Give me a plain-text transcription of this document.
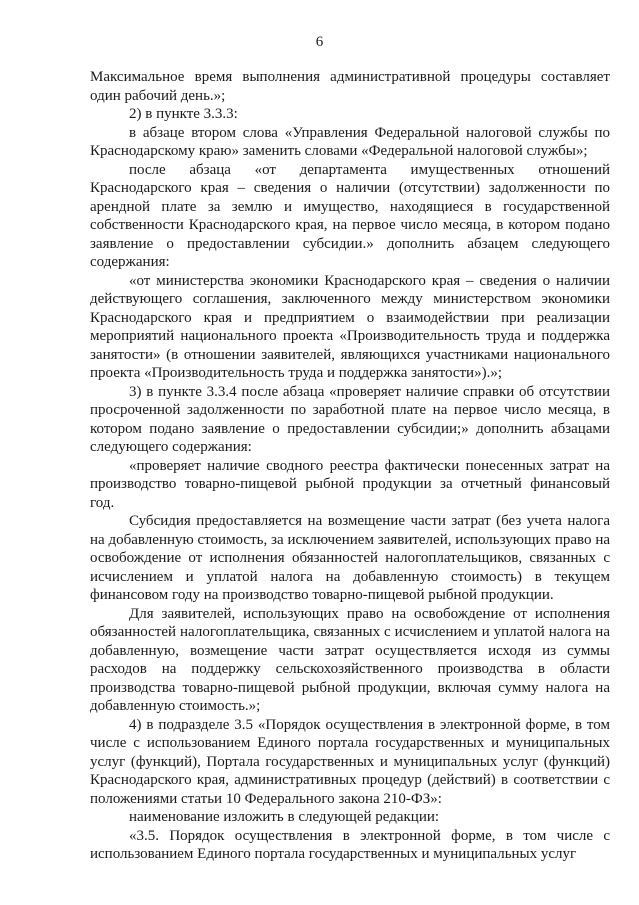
6

Максимальное время выполнения административной процедуры составляет один рабочий день.»;

2) в пункте 3.3.3:

в абзаце втором слова «Управления Федеральной налоговой службы по Краснодарскому краю» заменить словами «Федеральной налоговой службы»;

после абзаца «от департамента имущественных отношений Краснодарского края – сведения о наличии (отсутствии) задолженности по арендной плате за землю и имущество, находящиеся в государственной собственности Краснодарского края, на первое число месяца, в котором подано заявление о предоставлении субсидии.» дополнить абзацем следующего содержания:

«от министерства экономики Краснодарского края – сведения о наличии действующего соглашения, заключенного между министерством экономики Краснодарского края и предприятием о взаимодействии при реализации мероприятий национального проекта «Производительность труда и поддержка занятости» (в отношении заявителей, являющихся участниками национального проекта «Производительность труда и поддержка занятости»).»;

3) в пункте 3.3.4 после абзаца «проверяет наличие справки об отсутствии просроченной задолженности по заработной плате на первое число месяца, в котором подано заявление о предоставлении субсидии;» дополнить абзацами следующего содержания:

«проверяет наличие сводного реестра фактически понесенных затрат на производство товарно-пищевой рыбной продукции за отчетный финансовый год.

Субсидия предоставляется на возмещение части затрат (без учета налога на добавленную стоимость, за исключением заявителей, использующих право на освобождение от исполнения обязанностей налогоплательщиков, связанных с исчислением и уплатой налога на добавленную стоимость) в текущем финансовом году на производство товарно-пищевой рыбной продукции.

Для заявителей, использующих право на освобождение от исполнения обязанностей налогоплательщика, связанных с исчислением и уплатой налога на добавленную, возмещение части затрат осуществляется исходя из суммы расходов на поддержку сельскохозяйственного производства в области производства товарно-пищевой рыбной продукции, включая сумму налога на добавленную стоимость.»;

4) в подразделе 3.5 «Порядок осуществления в электронной форме, в том числе с использованием Единого портала государственных и муниципальных услуг (функций), Портала государственных и муниципальных услуг (функций) Краснодарского края, административных процедур (действий) в соответствии с положениями статьи 10 Федерального закона 210-ФЗ»:

наименование изложить в следующей редакции:

«3.5. Порядок осуществления в электронной форме, в том числе с использованием Единого портала государственных и муниципальных услуг
